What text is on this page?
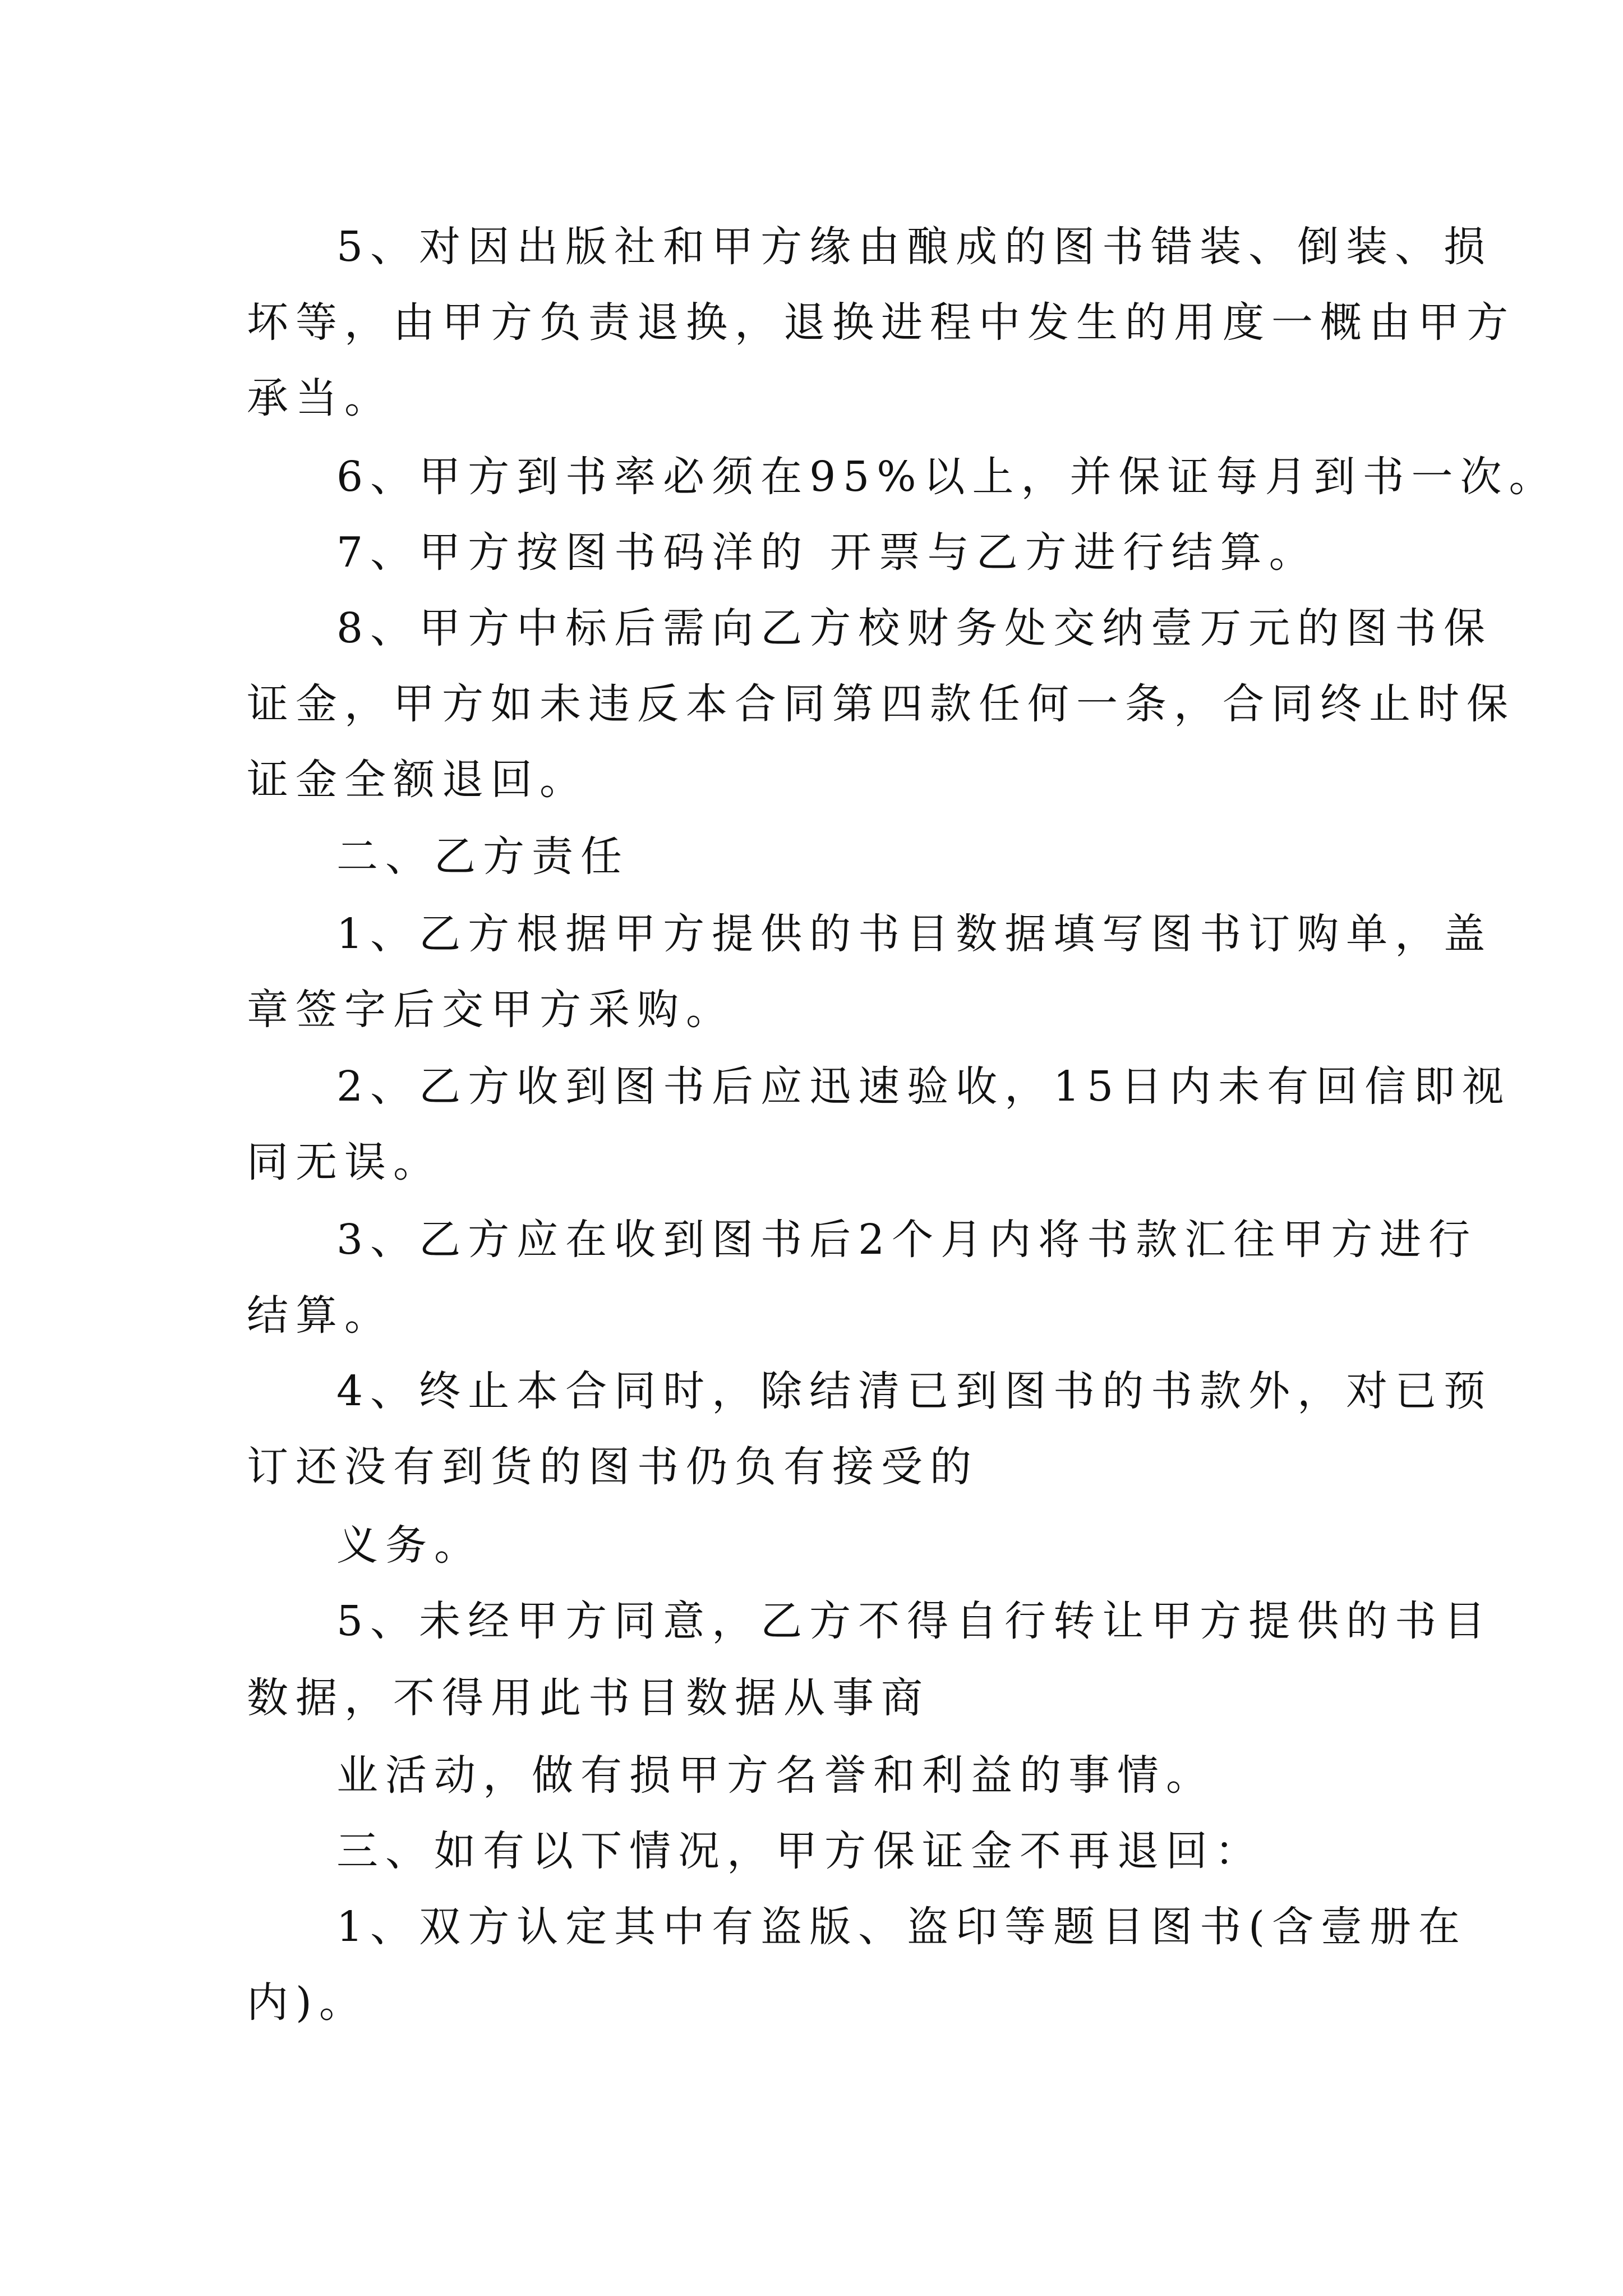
5、对因出版社和甲方缘由酿成的图书错装、倒装、损
坏等，由甲方负责退换，退换进程中发生的用度一概由甲方
承当。
6、甲方到书率必须在95%以上，并保证每月到书一次。
7、甲方按图书码洋的 开票与乙方进行结算。
8、甲方中标后需向乙方校财务处交纳壹万元的图书保
证金，甲方如未违反本合同第四款任何一条，合同终止时保
证金全额退回。
二、乙方责任
1、乙方根据甲方提供的书目数据填写图书订购单，盖
章签字后交甲方采购。
2、乙方收到图书后应迅速验收，15日内未有回信即视
同无误。
3、乙方应在收到图书后2个月内将书款汇往甲方进行
结算。
4、终止本合同时，除结清已到图书的书款外，对已预
订还没有到货的图书仍负有接受的
义务。
5、未经甲方同意，乙方不得自行转让甲方提供的书目
数据，不得用此书目数据从事商
业活动，做有损甲方名誉和利益的事情。
三、如有以下情况，甲方保证金不再退回：
1、双方认定其中有盗版、盗印等题目图书(含壹册在
内)。
